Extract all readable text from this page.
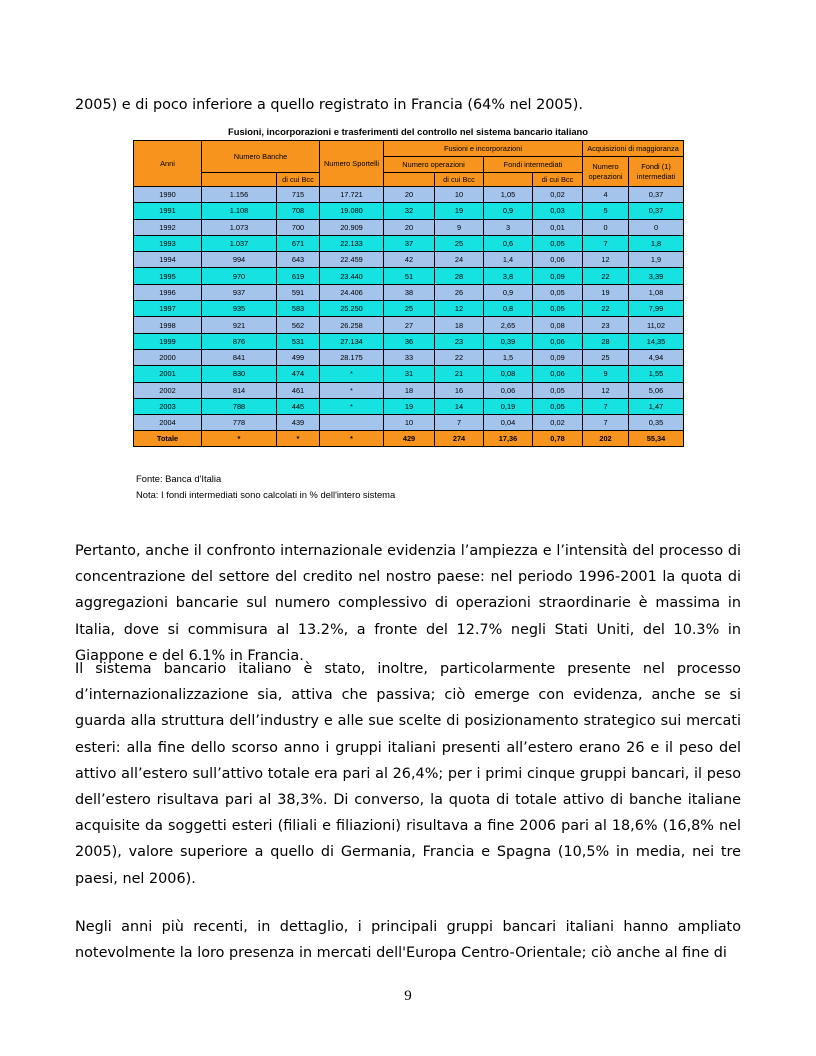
2005) e di poco inferiore a quello registrato in Francia (64% nel 2005).

Fusioni, incorporazioni e trasferimenti del controllo nel sistema bancario italiano
Anni	Numero Banche		Numero Sportelli	Fusioni e incorporazioni				Acquisizioni di maggioranza	
				Numero operazioni		Fondi intermediati		Numero operazioni	Fondi (1) intermediati
		di cui Bcc			di cui Bcc		di cui Bcc		
1990	1.156	715	17.721	20	10	1,05	0,02	4	0,37
1991	1.108	708	19.080	32	19	0,9	0,03	5	0,37
1992	1.073	700	20.909	20	9	3	0,01	0	0
1993	1.037	671	22.133	37	25	0,6	0,05	7	1,8
1994	994	643	22.459	42	24	1,4	0,06	12	1,9
1995	970	619	23.440	51	28	3,8	0,09	22	3,39
1996	937	591	24.406	38	26	0,9	0,05	19	1,08
1997	935	583	25.250	25	12	0,8	0,05	22	7,99
1998	921	562	26.258	27	18	2,65	0,08	23	11,02
1999	876	531	27.134	36	23	0,39	0,06	28	14,35
2000	841	499	28.175	33	22	1,5	0,09	25	4,94
2001	830	474	*	31	21	0,08	0,06	9	1,55
2002	814	461	*	18	16	0,06	0,05	12	5,06
2003	788	445	*	19	14	0,19	0,05	7	1,47
2004	778	439		10	7	0,04	0,02	7	0,35
Totale	*	*	*	429	274	17,36	0,78	202	55,34
Fonte: Banca d'Italia
Nota: I fondi intermediati sono calcolati in % dell'intero sistema

Pertanto, anche il confronto internazionale evidenzia l’ampiezza e l’intensità del processo di concentrazione del settore del credito nel nostro paese: nel periodo 1996-2001 la quota di aggregazioni bancarie sul numero complessivo di operazioni straordinarie è massima in Italia, dove si commisura al 13.2%, a fronte del 12.7% negli Stati Uniti, del 10.3% in Giappone e del 6.1% in Francia.

Il sistema bancario italiano è stato, inoltre, particolarmente presente nel processo d’internazionalizzazione sia, attiva che passiva; ciò emerge con evidenza, anche se si guarda alla struttura dell’industry e alle sue scelte di posizionamento strategico sui mercati esteri: alla fine dello scorso anno i gruppi italiani presenti all’estero erano 26 e il peso del attivo all’estero sull’attivo totale era pari al 26,4%; per i primi cinque gruppi bancari, il peso dell’estero risultava pari al 38,3%. Di converso, la quota di totale attivo di banche italiane acquisite da soggetti esteri (filiali e filiazioni) risultava a fine 2006 pari al 18,6% (16,8% nel 2005), valore superiore a quello di Germania, Francia e Spagna (10,5% in media, nei tre paesi, nel 2006).

Negli anni più recenti, in dettaglio, i principali gruppi bancari italiani hanno ampliato notevolmente la loro presenza in mercati dell'Europa Centro-Orientale; ciò anche al fine di

9
